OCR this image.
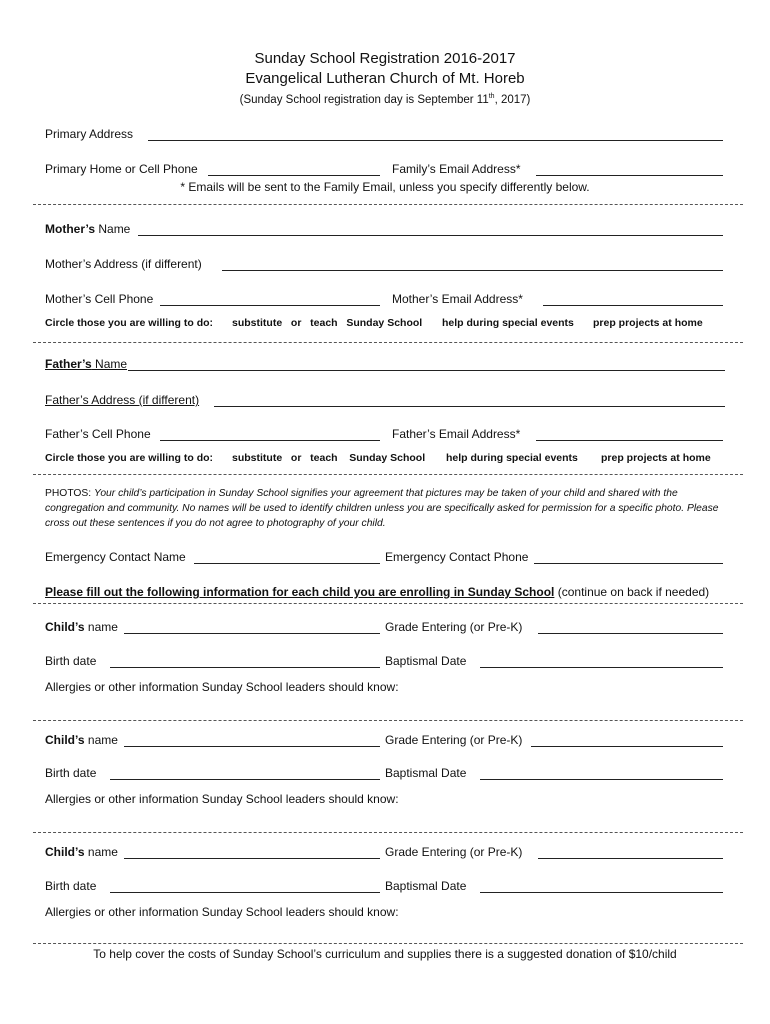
Sunday School Registration 2016-2017
Evangelical Lutheran Church of Mt. Horeb
(Sunday School registration day is September 11th, 2017)
Primary Address
Primary Home or Cell Phone	Family’s Email Address*
* Emails will be sent to the Family Email, unless you specify differently below.
Mother’s Name
Mother’s Address (if different)
Mother’s Cell Phone	Mother’s Email Address*
Circle those you are willing to do: substitute   or   teach   Sunday School help during special events prep projects at home
Father’s Name
Father’s Address (if different)
Father’s Cell Phone	Father’s Email Address*
Circle those you are willing to do: substitute   or   teach    Sunday School help during special events prep projects at home
PHOTOS: Your child’s participation in Sunday School signifies your agreement that pictures may be taken of your child and shared with the congregation and community. No names will be used to identify children unless you are specifically asked for permission for a specific photo. Please cross out these sentences if you do not agree to photography of your child.
Emergency Contact Name	Emergency Contact Phone
Please fill out the following information for each child you are enrolling in Sunday School (continue on back if needed)
Child’s name	Grade Entering (or Pre-K)
Birth date	Baptismal Date
Allergies or other information Sunday School leaders should know:
Child’s name	Grade Entering (or Pre-K)
Birth date	Baptismal Date
Allergies or other information Sunday School leaders should know:
Child’s name	Grade Entering (or Pre-K)
Birth date	Baptismal Date
Allergies or other information Sunday School leaders should know:
To help cover the costs of Sunday School’s curriculum and supplies there is a suggested donation of $10/child
